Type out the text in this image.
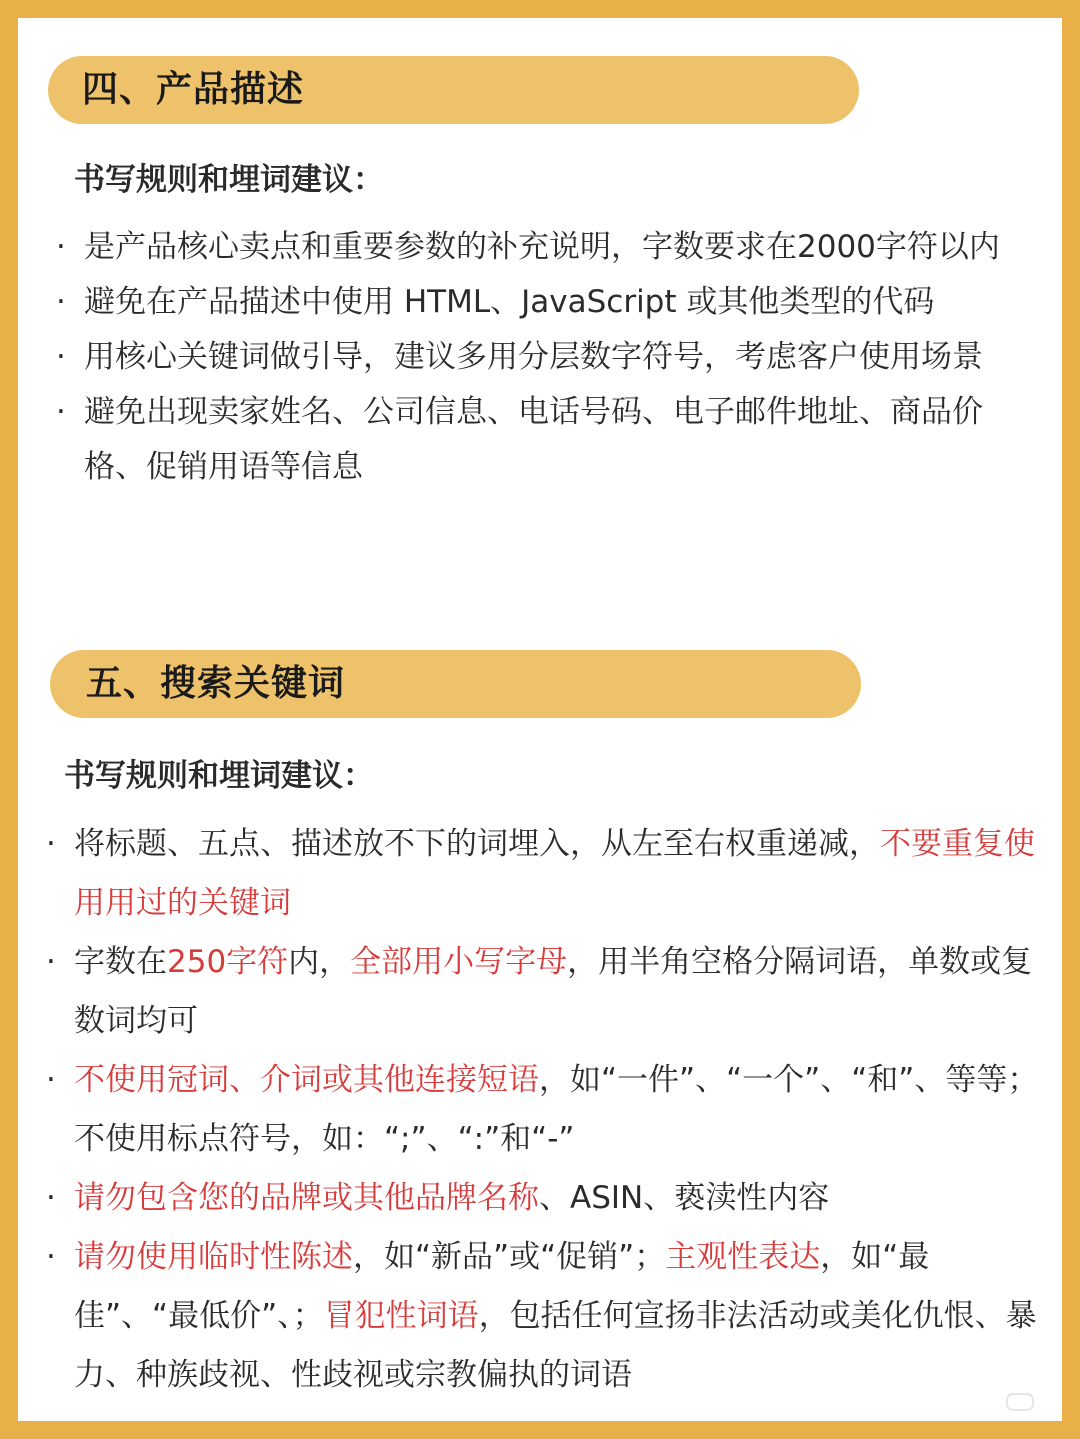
四、产品描述
书写规则和埋词建议：
· 是产品核心卖点和重要参数的补充说明，字数要求在2000字符以内
· 避免在产品描述中使用 HTML、JavaScript 或其他类型的代码
· 用核心关键词做引导，建议多用分层数字符号，考虑客户使用场景
· 避免出现卖家姓名、公司信息、电话号码、电子邮件地址、商品价格、促销用语等信息
五、搜索关键词
书写规则和埋词建议：
· 将标题、五点、描述放不下的词埋入，从左至右权重递减，不要重复使用用过的关键词
· 字数在250字符内，全部用小写字母，用半角空格分隔词语，单数或复数词均可
· 不使用冠词、介词或其他连接短语，如“一件”、“一个”、“和”、等等；不使用标点符号，如：“;”、“:”和“-”
· 请勿包含您的品牌或其他品牌名称、ASIN、亵渎性内容
· 请勿使用临时性陈述，如“新品”或“促销”；主观性表达，如“最佳”、“最低价”、；冒犯性词语，包括任何宣扬非法活动或美化仇恨、暴力、种族歧视、性歧视或宗教偏执的词语
